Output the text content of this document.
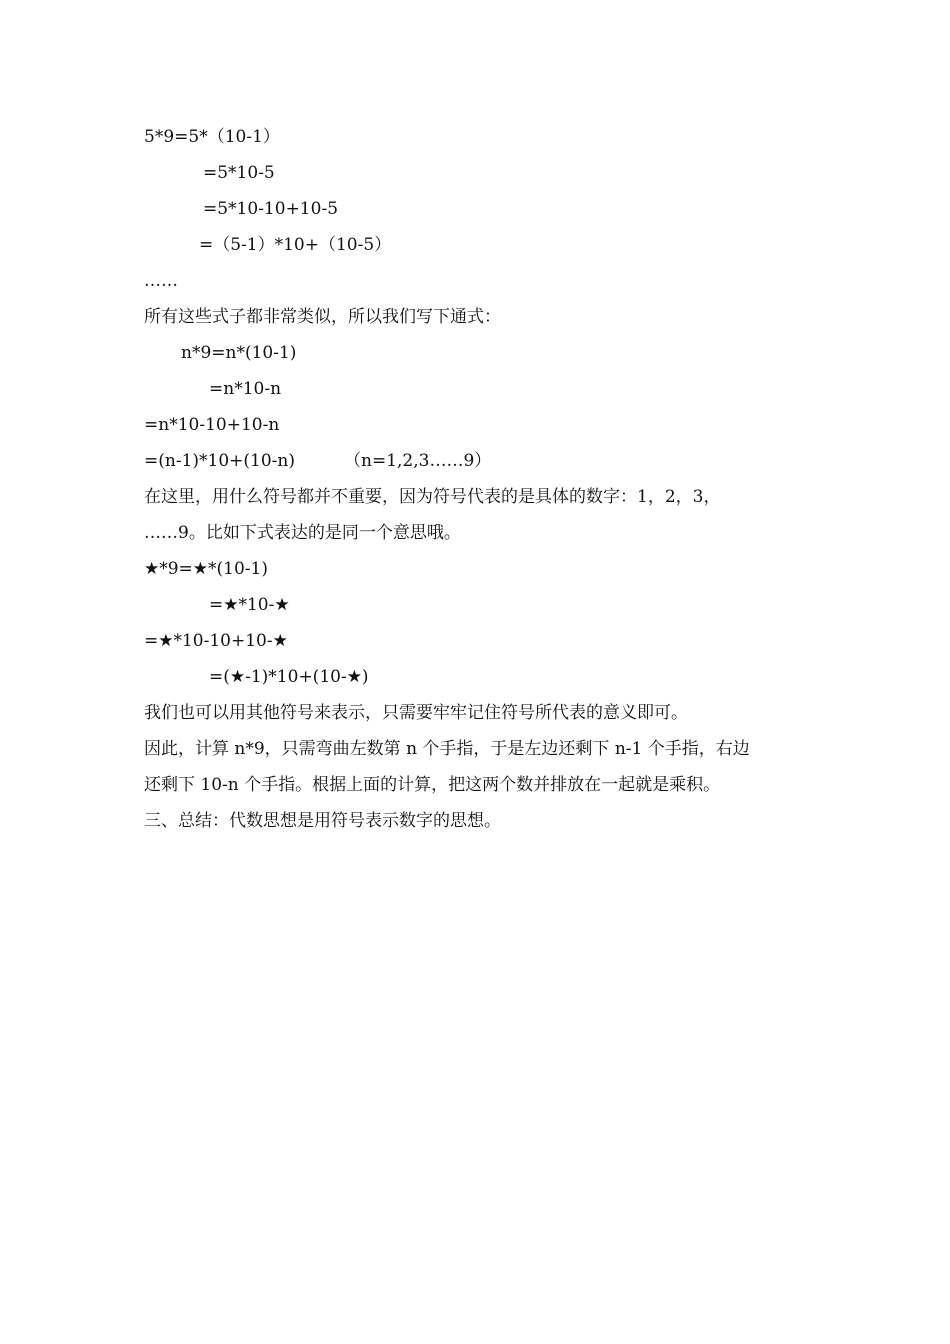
5*9=5*（10-1）
=5*10-5
=5*10-10+10-5
=（5-1）*10+（10-5）
……
所有这些式子都非常类似，所以我们写下通式：
n*9=n*(10-1)
=n*10-n
=n*10-10+10-n
=(n-1)*10+(10-n)	（n=1,2,3……9）
在这里，用什么符号都并不重要，因为符号代表的是具体的数字：1，2，3，
……9。比如下式表达的是同一个意思哦。
★*9=★*(10-1)
=★*10-★
=★*10-10+10-★
=(★-1)*10+(10-★)
我们也可以用其他符号来表示，只需要牢牢记住符号所代表的意义即可。
因此，计算 n*9，只需弯曲左数第 n 个手指，于是左边还剩下 n-1 个手指，右边
还剩下 10-n 个手指。根据上面的计算，把这两个数并排放在一起就是乘积。
三、总结：代数思想是用符号表示数字的思想。
